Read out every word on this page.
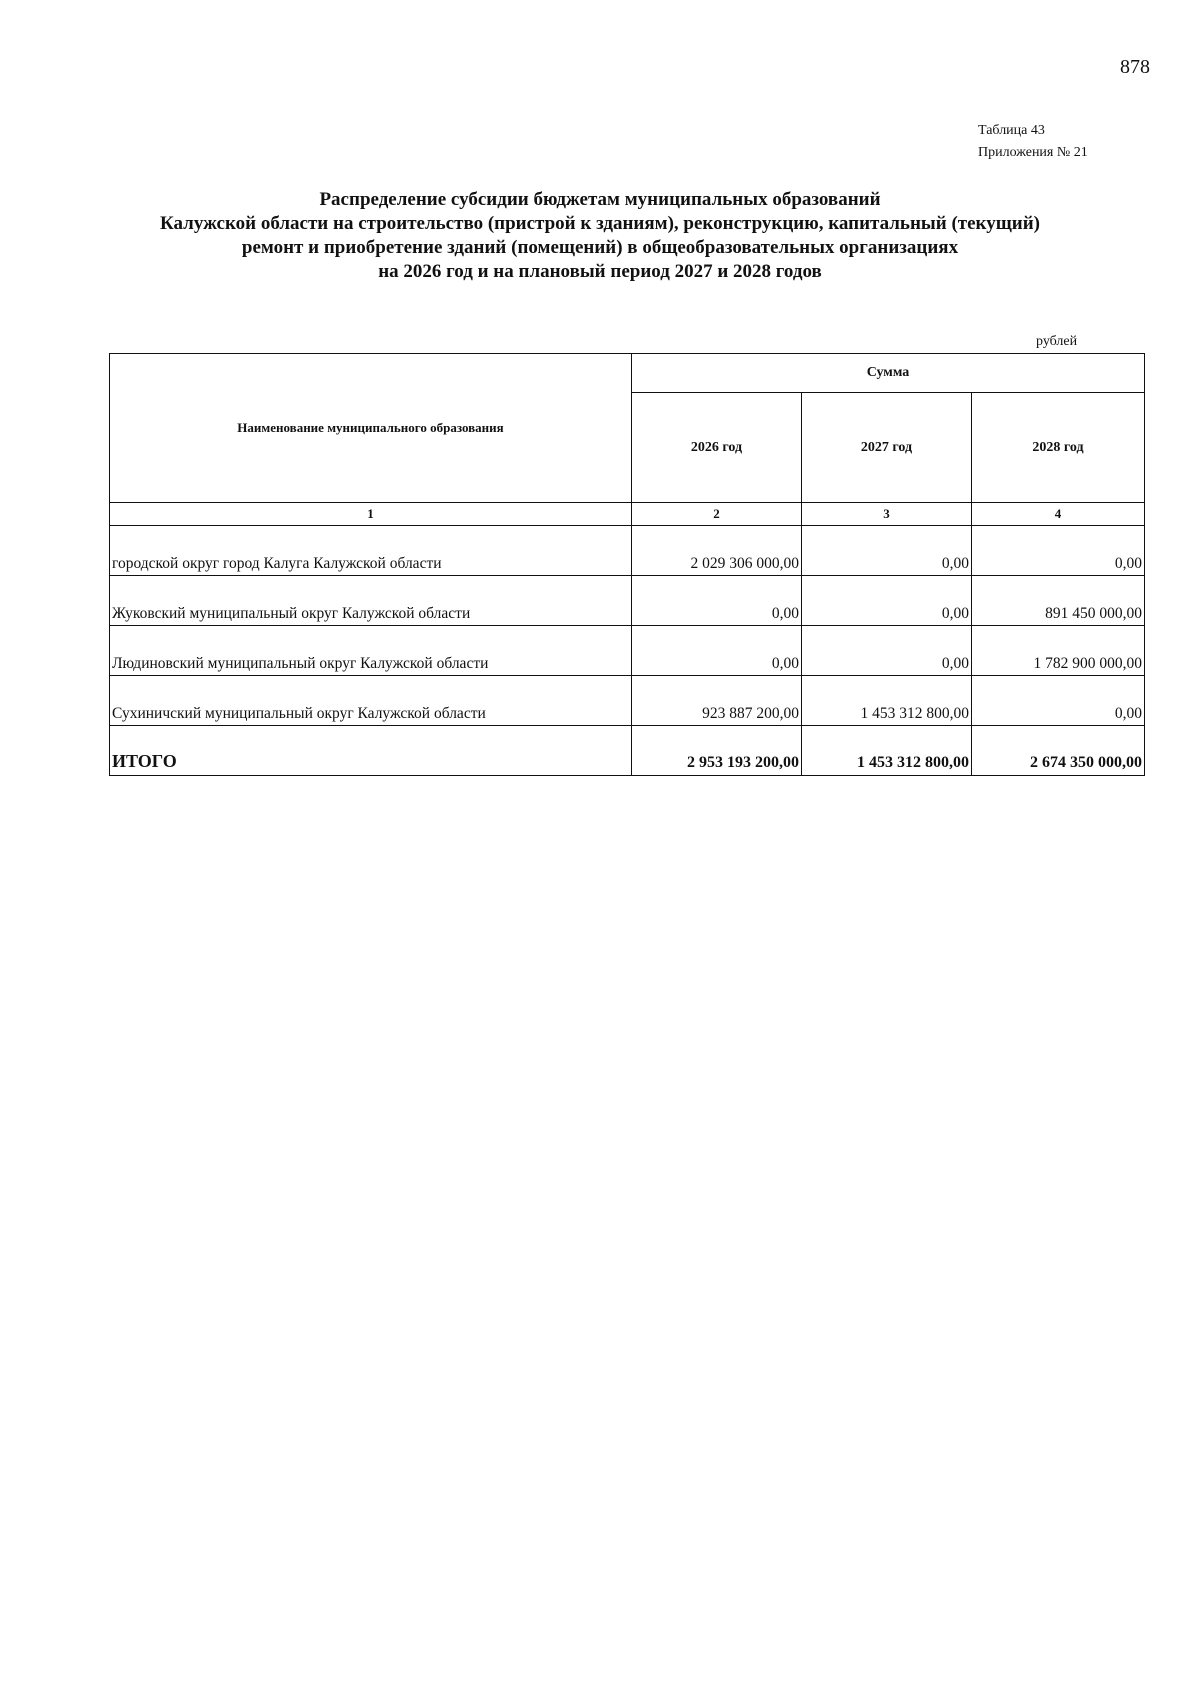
878
Таблица 43
Приложения № 21
Распределение субсидии бюджетам муниципальных образований
Калужской области на строительство (пристрой к зданиям), реконструкцию, капитальный (текущий)
ремонт и приобретение зданий (помещений) в общеобразовательных организациях
на 2026 год и на плановый период 2027 и 2028 годов
рублей
Наименование муниципального образования	Сумма		
	2026 год	2027 год	2028 год
1	2	3	4
городской округ город Калуга Калужской области	2 029 306 000,00	0,00	0,00
Жуковский муниципальный округ Калужской области	0,00	0,00	891 450 000,00
Людиновский муниципальный округ Калужской области	0,00	0,00	1 782 900 000,00
Сухиничский муниципальный округ Калужской области	923 887 200,00	1 453 312 800,00	0,00
ИТОГО	2 953 193 200,00	1 453 312 800,00	2 674 350 000,00
